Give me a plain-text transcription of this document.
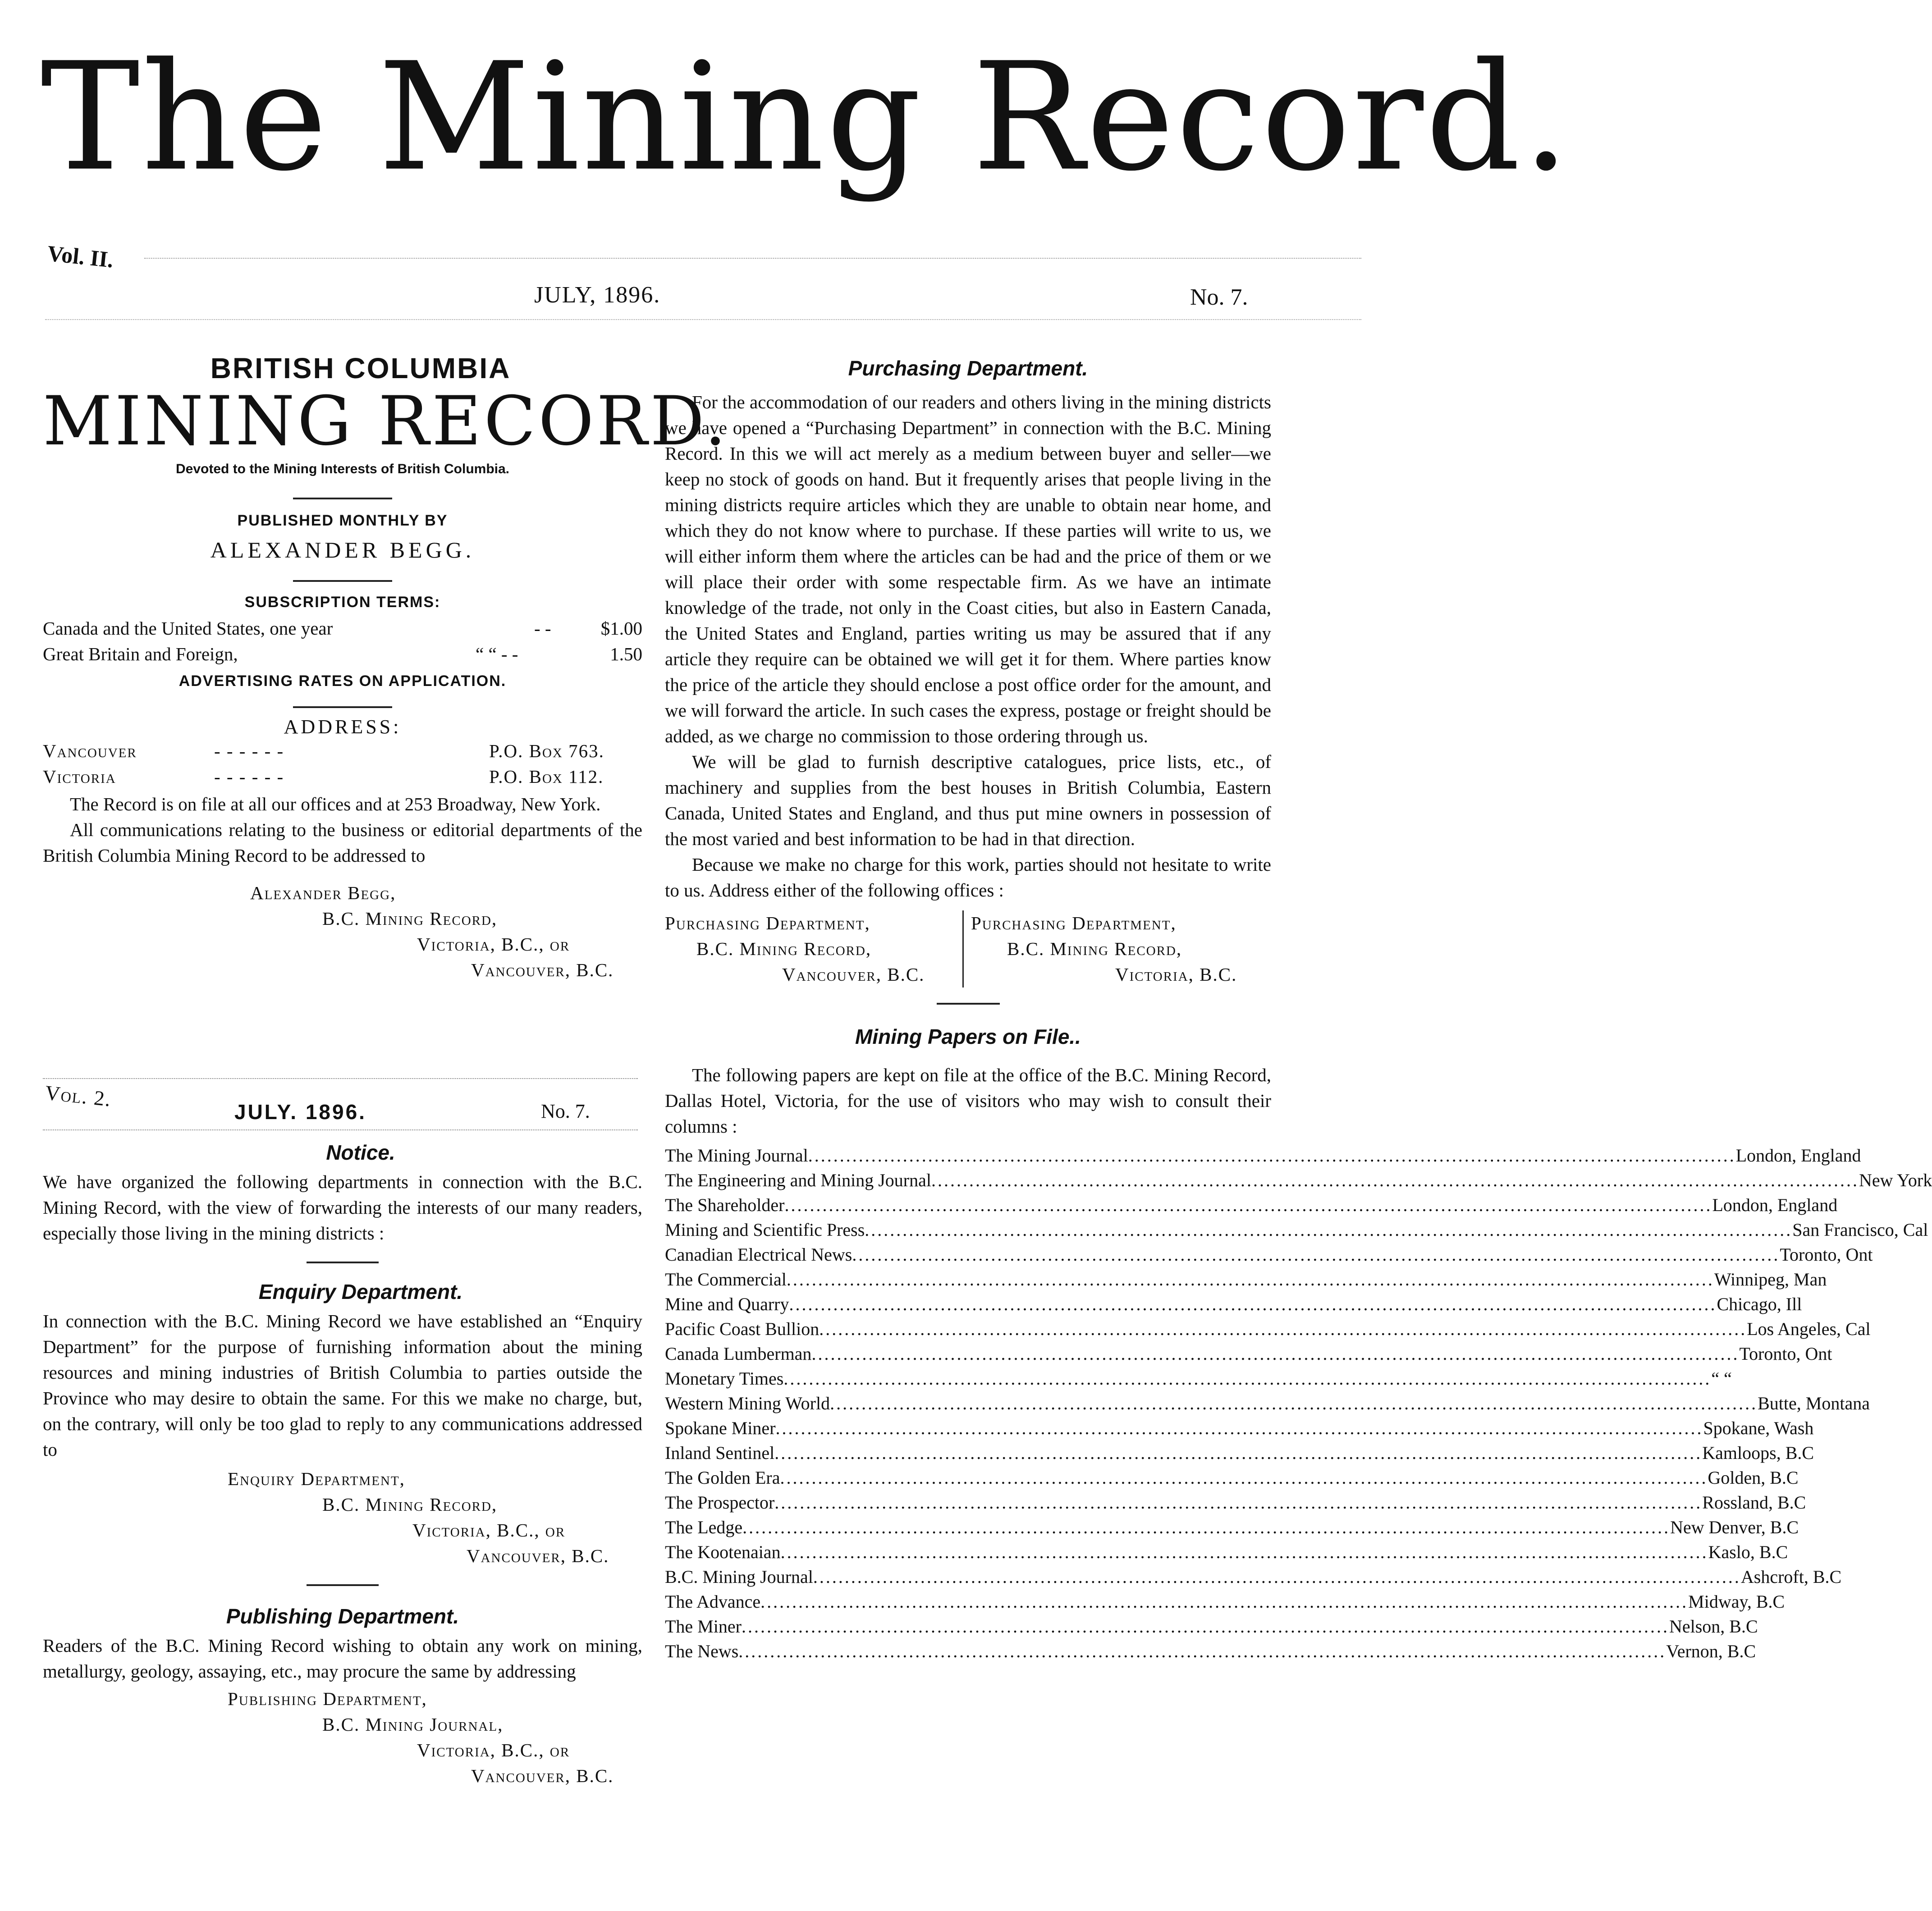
The Mining Record.
Vol. II.
JULY, 1896.	No. 7.
BRITISH COLUMBIA
MINING RECORD.
Devoted to the Mining Interests of British Columbia.
PUBLISHED MONTHLY BY
ALEXANDER BEGG.
SUBSCRIPTION TERMS:
Canada and the United States, one year	- -	$1.00
Great Britain and Foreign,	“ “ - -	1.50
ADVERTISING RATES ON APPLICATION.
ADDRESS:
Vancouver	- - - - - -	P.O. Box 763.
Victoria	- - - - - -	P.O. Box 112.

The Record is on file at all our offices and at 253 Broadway, New York.

All communications relating to the business or editorial departments of the British Columbia Mining Record to be addressed to

Alexander Begg,
B.C. Mining Record,
Victoria, B.C., or
Vancouver, B.C.
Vol. 2.
JULY. 1896.	No. 7.
Notice.

We have organized the following departments in connection with the B.C. Mining Record, with the view of forwarding the interests of our many readers, especially those living in the mining districts :

Enquiry Department.

In connection with the B.C. Mining Record we have established an “Enquiry Department” for the purpose of furnishing information about the mining resources and mining industries of British Columbia to parties outside the Province who may desire to obtain the same. For this we make no charge, but, on the contrary, will only be too glad to reply to any communications addressed to

Enquiry Department,
B.C. Mining Record,
Victoria, B.C., or
Vancouver, B.C.
Publishing Department.

Readers of the B.C. Mining Record wishing to obtain any work on mining, metallurgy, geology, assaying, etc., may procure the same by addressing

Publishing Department,
B.C. Mining Journal,
Victoria, B.C., or
Vancouver, B.C.
Purchasing Department.

For the accommodation of our readers and others living in the mining districts we have opened a “Purchasing Department” in connection with the B.C. Mining Record. In this we will act merely as a medium between buyer and seller—we keep no stock of goods on hand. But it frequently arises that people living in the mining districts require articles which they are unable to obtain near home, and which they do not know where to purchase. If these parties will write to us, we will either inform them where the articles can be had and the price of them or we will place their order with some respectable firm. As we have an intimate knowledge of the trade, not only in the Coast cities, but also in Eastern Canada, the United States and England, parties writing us may be assured that if any article they require can be obtained we will get it for them. Where parties know the price of the article they should enclose a post office order for the amount, and we will forward the article. In such cases the express, postage or freight should be added, as we charge no commission to those ordering through us.

We will be glad to furnish descriptive catalogues, price lists, etc., of machinery and supplies from the best houses in British Columbia, Eastern Canada, United States and England, and thus put mine owners in possession of the most varied and best information to be had in that direction.

Because we make no charge for this work, parties should not hesitate to write to us. Address either of the following offices :

Purchasing Department,
B.C. Mining Record,
Vancouver, B.C.
Purchasing Department,
B.C. Mining Record,
Victoria, B.C.
Mining Papers on File..

The following papers are kept on file at the office of the B.C. Mining Record, Dallas Hotel, Victoria, for the use of visitors who may wish to consult their columns :

The Mining Journal .....	London, England
The Engineering and Mining Journal .....	New York
The Shareholder .....	London, England
Mining and Scientific Press .....	San Francisco, Cal
Canadian Electrical News .....	Toronto, Ont
The Commercial .....	Winnipeg, Man
Mine and Quarry .....	Chicago, Ill
Pacific Coast Bullion .....	Los Angeles, Cal
Canada Lumberman .....	Toronto, Ont
Monetary Times .....	“ “
Western Mining World .....	Butte, Montana
Spokane Miner .....	Spokane, Wash
Inland Sentinel .....	Kamloops, B.C
The Golden Era .....	Golden, B.C
The Prospector .....	Rossland, B.C
The Ledge .....	New Denver, B.C
The Kootenaian .....	Kaslo, B.C
B.C. Mining Journal .....	Ashcroft, B.C
The Advance .....	Midway, B.C
The Miner .....	Nelson, B.C
The News .....	Vernon, B.C
